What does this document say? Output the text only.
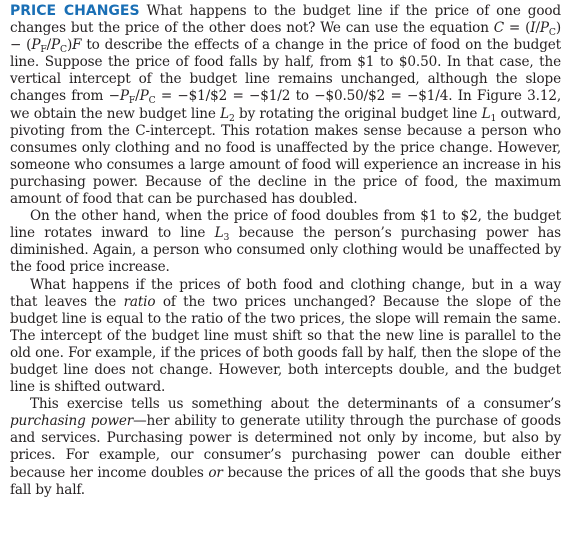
PRICE CHANGES What happens to the budget line if the price of one good changes but the price of the other does not? We can use the equation $C = (I/P_C) - (P_F/P_C)F$ to describe the effects of a change in the price of food on the budget line. Suppose the price of food falls by half, from $1 to $0.50. In that case, the vertical intercept of the budget line remains unchanged, although the slope changes from $-P_F/P_C$ = −$1/$2 = −$1/2 to −$0.50/$2 = −$1/4. In Figure 3.12, we obtain the new budget line $L_2$ by rotating the original budget line $L_1$ outward, pivoting from the C-intercept. This rotation makes sense because a person who consumes only clothing and no food is unaffected by the price change. However, someone who consumes a large amount of food will experience an increase in his purchasing power. Because of the decline in the price of food, the maximum amount of food that can be purchased has doubled.

On the other hand, when the price of food doubles from $1 to $2, the budget line rotates inward to line $L_3$ because the person’s purchasing power has diminished. Again, a person who consumed only clothing would be unaffected by the food price increase.

What happens if the prices of both food and clothing change, but in a way that leaves the ratio of the two prices unchanged? Because the slope of the budget line is equal to the ratio of the two prices, the slope will remain the same. The intercept of the budget line must shift so that the new line is parallel to the old one. For example, if the prices of both goods fall by half, then the slope of the budget line does not change. However, both intercepts double, and the budget line is shifted outward.

This exercise tells us something about the determinants of a consumer’s purchasing power—her ability to generate utility through the purchase of goods and services. Purchasing power is determined not only by income, but also by prices. For example, our consumer’s purchasing power can double either because her income doubles or because the prices of all the goods that she buys fall by half.
